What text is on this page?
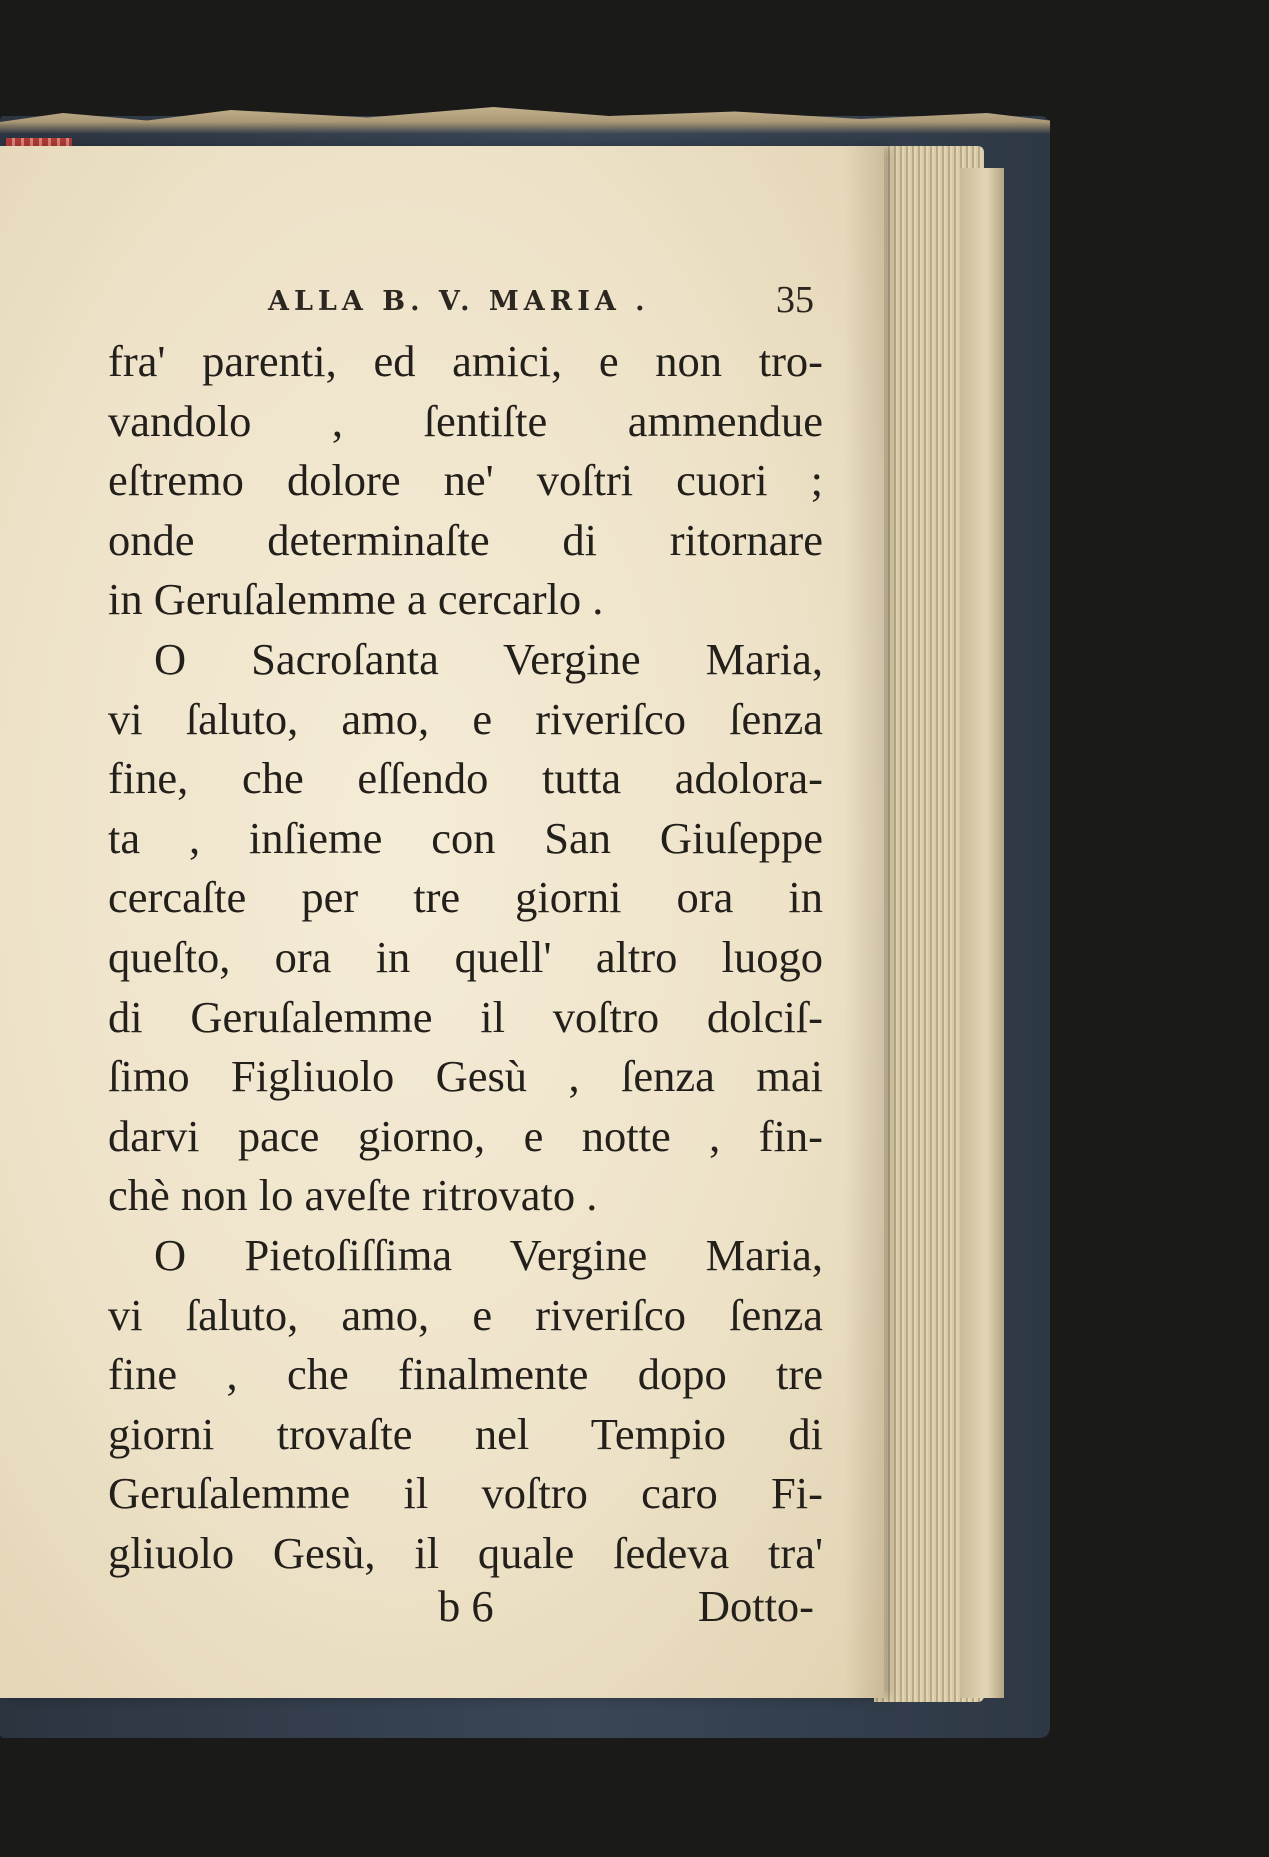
ALLA B. V. MARIA .	35
fra' parenti, ed amici, e non tro-
vandolo , ſentiſte ammendue
eſtremo dolore ne' voſtri cuori ;
onde determinaſte di ritornare
in Geruſalemme a cercarlo .
O Sacroſanta Vergine Maria,
vi ſaluto, amo, e riveriſco ſenza
fine, che eſſendo tutta adolora-
ta , inſieme con San Giuſeppe
cercaſte per tre giorni ora in
queſto, ora in quell' altro luogo
di Geruſalemme il voſtro dolciſ-
ſimo Figliuolo Gesù , ſenza mai
darvi pace giorno, e notte , fin-
chè non lo aveſte ritrovato .
O Pietoſiſſima Vergine Maria,
vi ſaluto, amo, e riveriſco ſenza
fine , che finalmente dopo tre
giorni trovaſte nel Tempio di
Geruſalemme il voſtro caro Fi-
gliuolo Gesù, il quale ſedeva tra'
b 6	Dotto-
